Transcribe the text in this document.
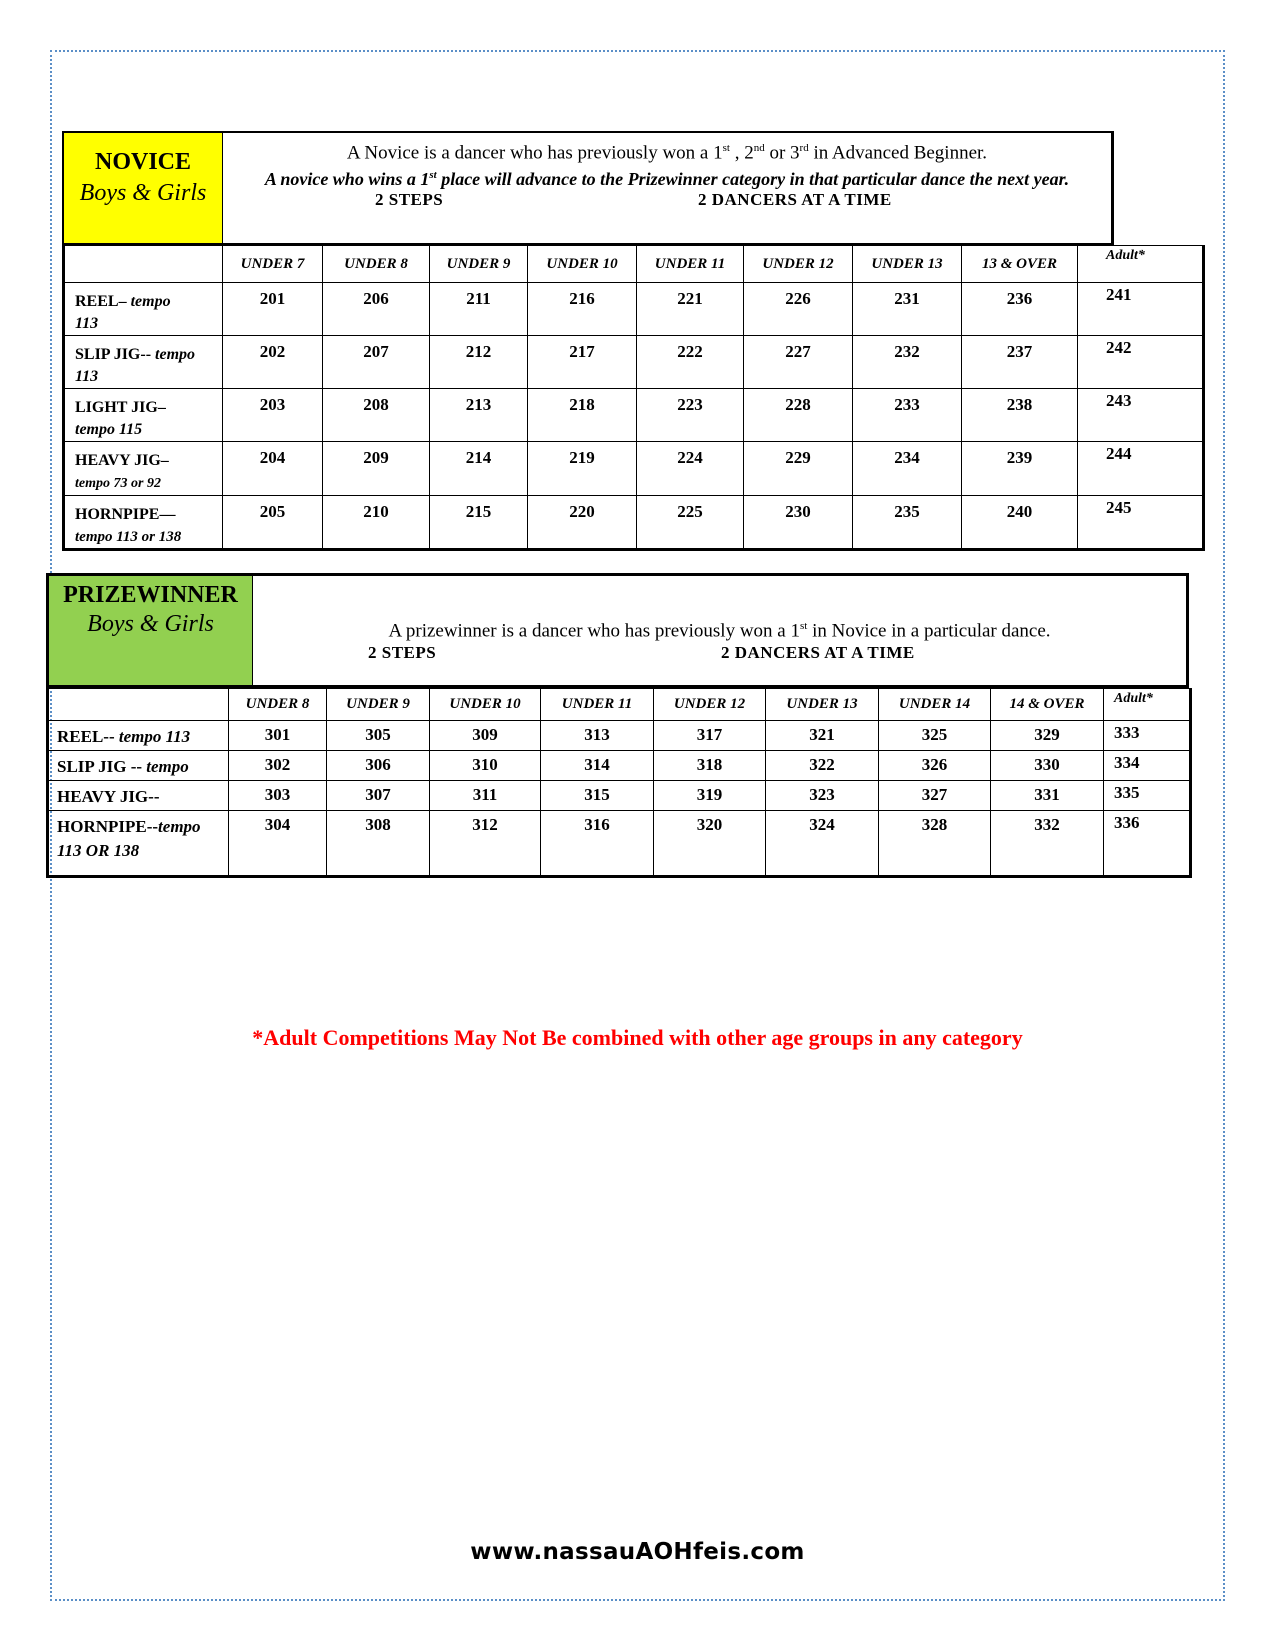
NOVICE
Boys & Girls
A Novice is a dancer who has previously won a 1st , 2nd or 3rd in Advanced Beginner.
A novice who wins a 1st place will advance to the Prizewinner category in that particular dance the next year.
2 STEPS	2 DANCERS AT A TIME
	UNDER 7	UNDER 8	UNDER 9	UNDER 10	UNDER 11	UNDER 12	UNDER 13	13 & OVER	Adult*
REEL– tempo
113	201	206	211	216	221	226	231	236	241
SLIP JIG-- tempo
113	202	207	212	217	222	227	232	237	242
LIGHT JIG–
tempo 115	203	208	213	218	223	228	233	238	243
HEAVY JIG–
tempo 73 or 92	204	209	214	219	224	229	234	239	244
HORNPIPE—
tempo 113 or 138	205	210	215	220	225	230	235	240	245
PRIZEWINNER
Boys & Girls	A prizewinner is a dancer who has previously won a 1st in Novice in a particular dance.
2 STEPS	2 DANCERS AT A TIME
	UNDER 8	UNDER 9	UNDER 10	UNDER 11	UNDER 12	UNDER 13	UNDER 14	14 & OVER	Adult*
REEL-- tempo 113	301	305	309	313	317	321	325	329	333
SLIP JIG -- tempo	302	306	310	314	318	322	326	330	334
HEAVY JIG--	303	307	311	315	319	323	327	331	335
HORNPIPE--tempo
113 OR 138	304	308	312	316	320	324	328	332	336
*Adult Competitions May Not Be combined with other age groups in any category
www.nassauAOHfeis.com
